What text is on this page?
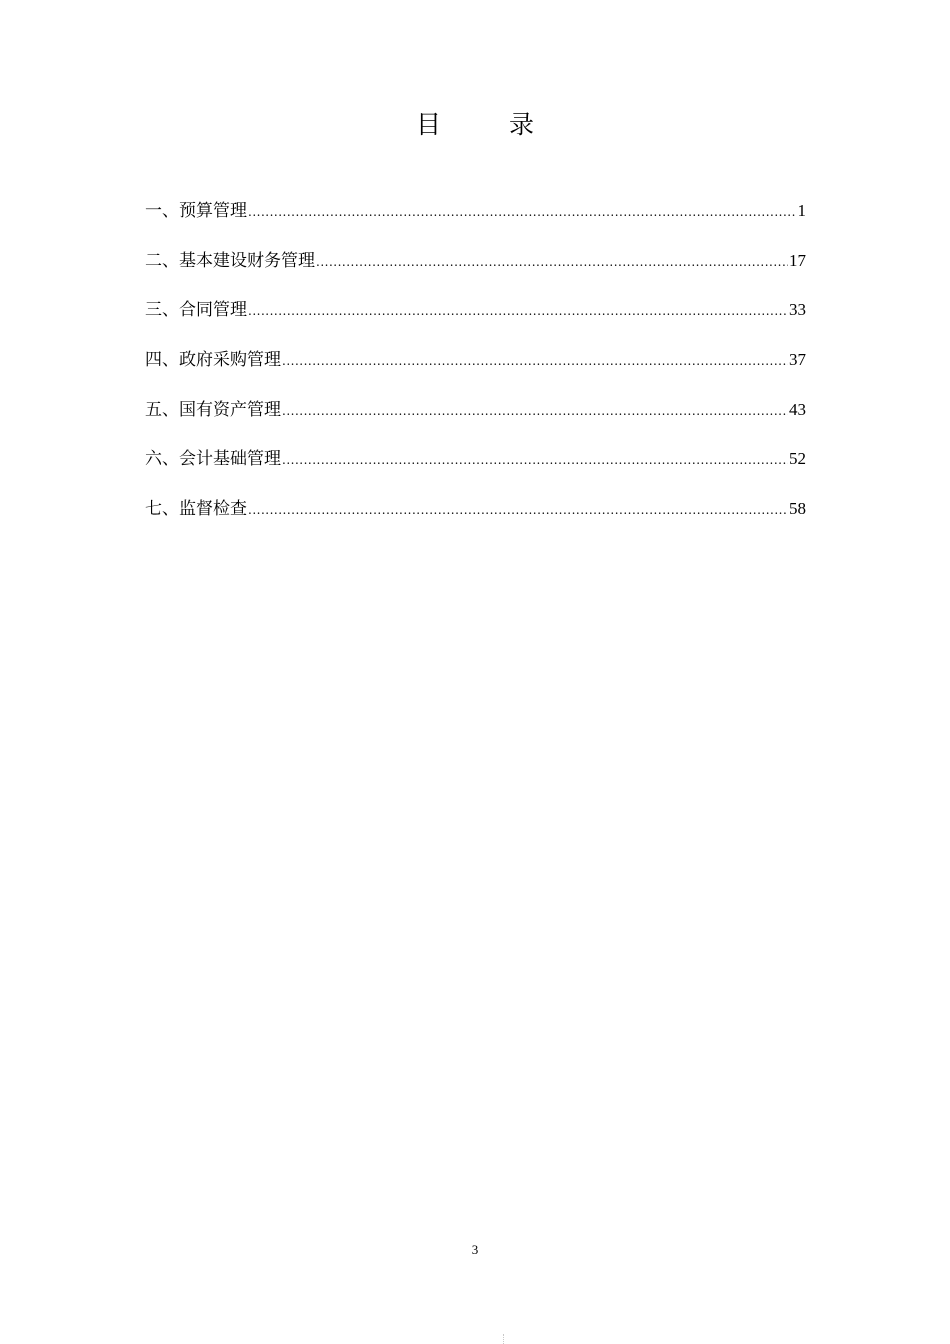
目 录
一、预算管理 .....	1
二、基本建设财务管理 .....	17
三、合同管理 .....	33
四、政府采购管理 .....	37
五、国有资产管理 .....	43
六、会计基础管理 .....	52
七、监督检查 .....	58
3
